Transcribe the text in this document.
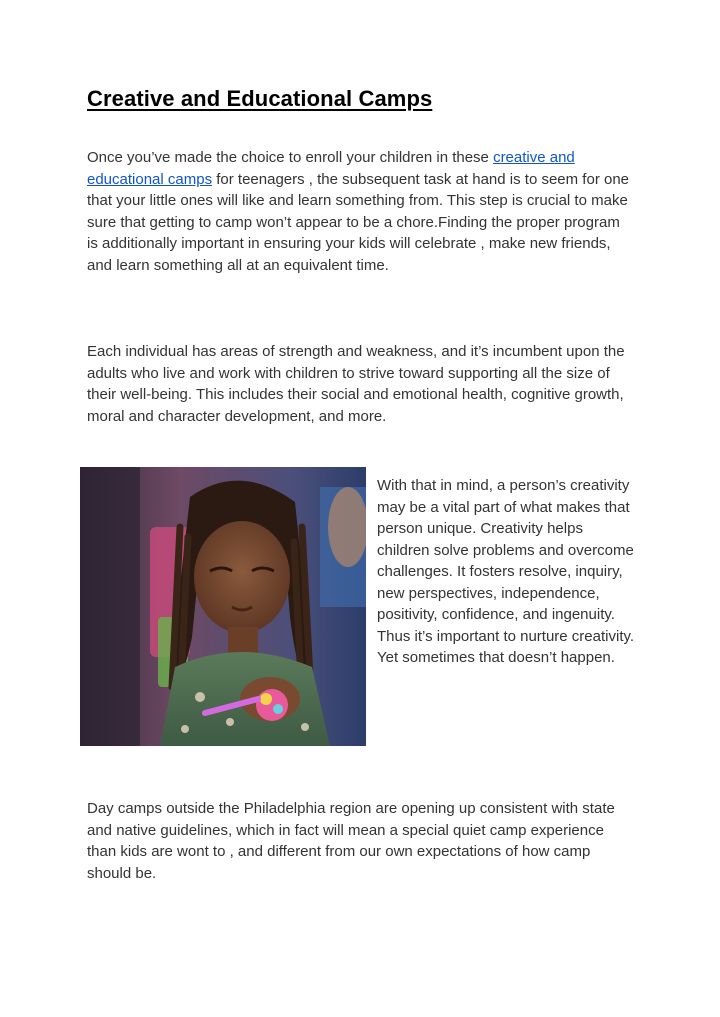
Creative and Educational Camps

Once you’ve made the choice to enroll your children in these creative and educational camps for teenagers , the subsequent task at hand is to seem for one that your little ones will like and learn something from. This step is crucial to make sure that getting to camp won’t appear to be a chore.Finding the proper program is additionally important in ensuring your kids will celebrate , make new friends, and learn something all at an equivalent time.

Each individual has areas of strength and weakness, and it’s incumbent upon the adults who live and work with children to strive toward supporting all the size of their well-being. This includes their social and emotional health, cognitive growth, moral and character development, and more.

With that in mind, a person’s creativity may be a vital part of what makes that person unique. Creativity helps children solve problems and overcome challenges. It fosters resolve, inquiry, new perspectives, independence, positivity, confidence, and ingenuity. Thus it’s important to nurture creativity. Yet sometimes that doesn’t happen.

Day camps outside the Philadelphia region are opening up consistent with state and native guidelines, which in fact will mean a special quiet camp experience than kids are wont to , and different from our own expectations of how camp should be.
